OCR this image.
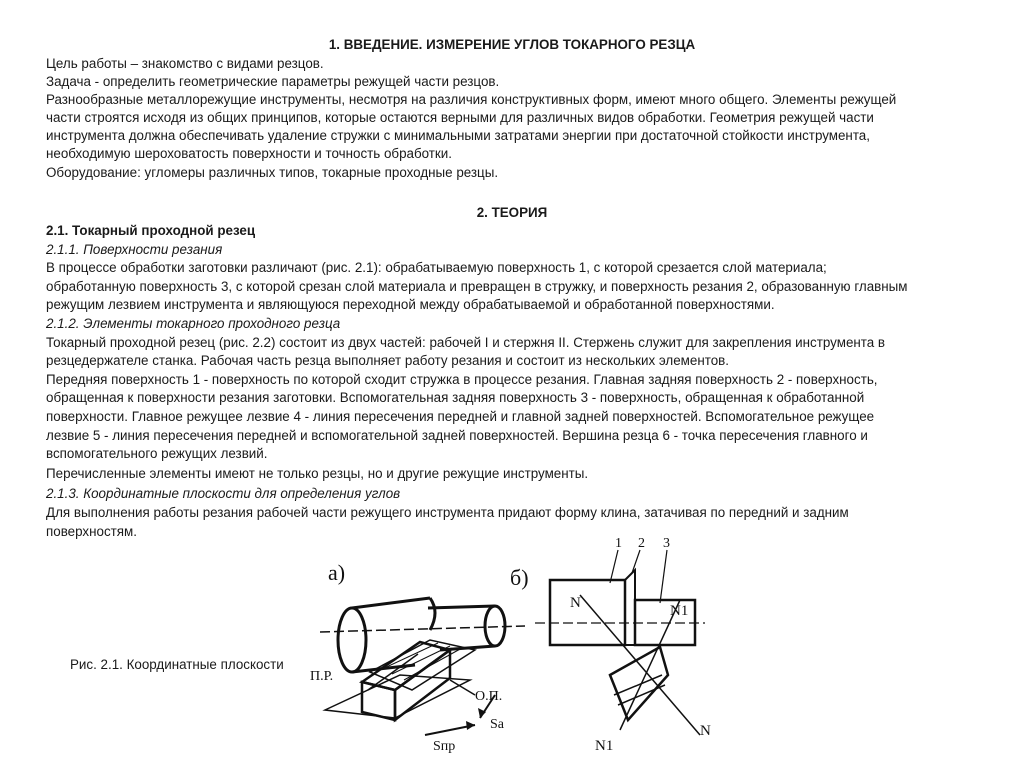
1. ВВЕДЕНИЕ. ИЗМЕРЕНИЕ УГЛОВ ТОКАРНОГО РЕЗЦА
Цель работы – знакомство с видами резцов.
Задача - определить геометрические параметры режущей части резцов.
Разнообразные металлорежущие инструменты, несмотря на различия конструктивных форм, имеют много общего. Элементы режущей
части строятся исходя из общих принципов, которые остаются верными для различных видов обработки. Геометрия режущей части
инструмента должна обеспечивать удаление стружки с минимальными затратами энергии при достаточной стойкости инструмента,
необходимую шероховатость поверхности и точность обработки.
Оборудование: угломеры различных типов, токарные проходные резцы.
2. ТЕОРИЯ
2.1. Токарный проходной резец
2.1.1. Поверхности резания
В процессе обработки заготовки различают (рис. 2.1): обрабатываемую поверхность 1, с которой срезается слой материала;
обработанную поверхность 3, с которой срезан слой материала и превращен в стружку, и поверхность резания 2, образованную главным
режущим лезвием инструмента и являющуюся переходной между обрабатываемой и обработанной поверхностями.
2.1.2. Элементы токарного проходного резца
Токарный проходной резец (рис. 2.2) состоит из двух частей: рабочей I и стержня II. Стержень служит для закрепления инструмента в
резцедержателе станка. Рабочая часть резца выполняет работу резания и состоит из нескольких элементов.
Передняя поверхность 1 - поверхность по которой сходит стружка в процессе резания. Главная задняя поверхность 2 - поверхность,
обращенная к поверхности резания заготовки. Вспомогательная задняя поверхность 3 - поверхность, обращенная к обработанной
поверхности. Главное режущее лезвие 4 - линия пересечения передней и главной задней поверхностей. Вспомогательное режущее
лезвие 5 - линия пересечения передней и вспомогательной задней поверхностей. Вершина резца 6 - точка пересечения главного и
вспомогательного режущих лезвий.
Перечисленные элементы имеют не только резцы, но и другие режущие инструменты.
2.1.3. Координатные плоскости для определения углов
Для выполнения работы резания рабочей части режущего инструмента придают форму клина, затачивая по передний и задним
поверхностям.
Рис. 2.1. Координатные плоскости
а)
П.Р.
О.П.
Sa
Sпр
б)
1 2 3
N	N1
N1
N
